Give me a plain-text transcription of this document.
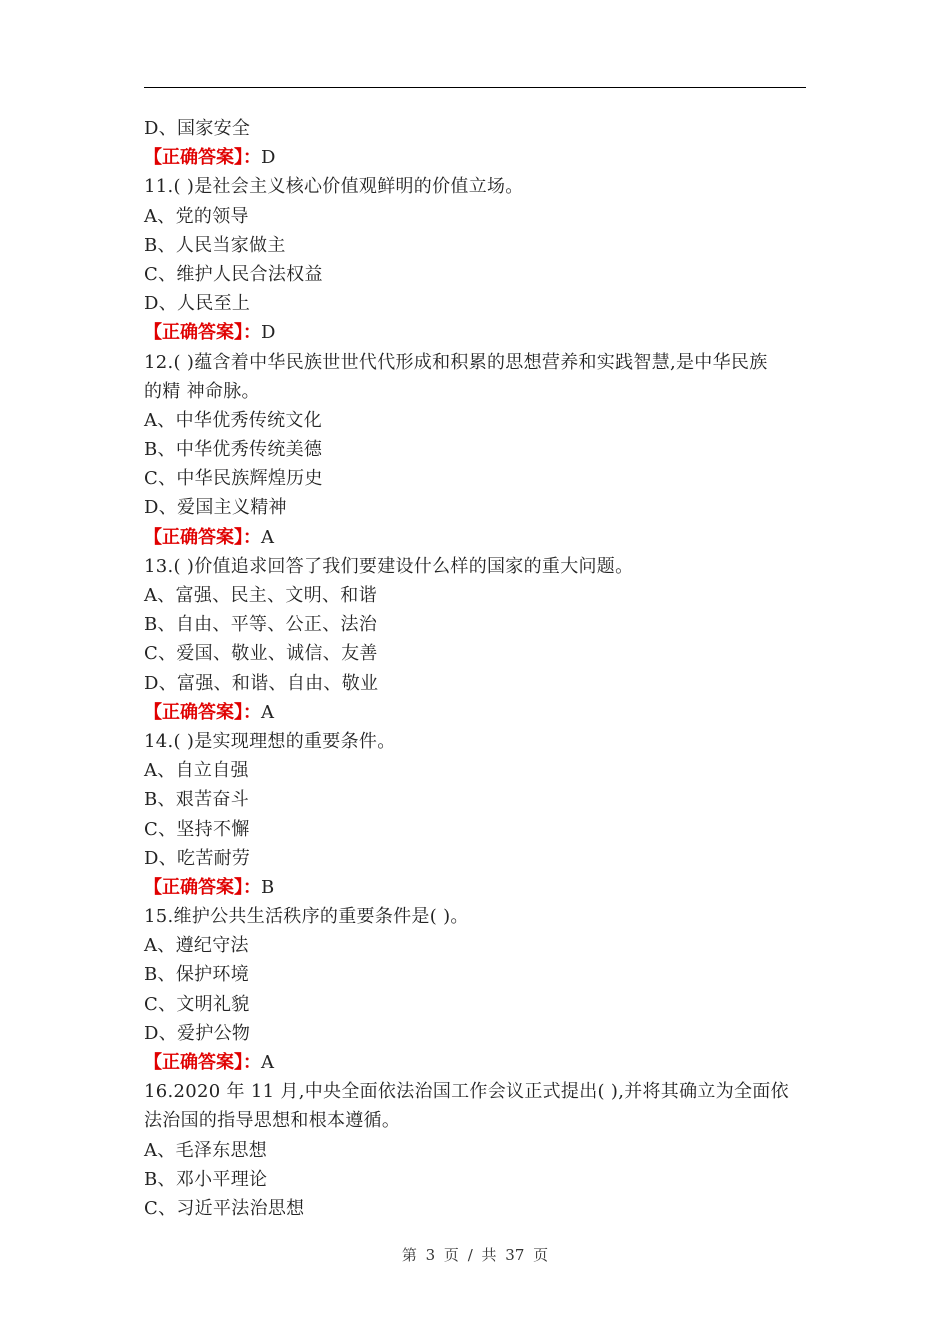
D、国家安全
【正确答案】：D
11.( )是社会主义核心价值观鲜明的价值立场。
A、党的领导
B、人民当家做主
C、维护人民合法权益
D、人民至上
【正确答案】：D
12.( )蕴含着中华民族世世代代形成和积累的思想营养和实践智慧,是中华民族
的精 神命脉。
A、中华优秀传统文化
B、中华优秀传统美德
C、中华民族辉煌历史
D、爱国主义精神
【正确答案】：A
13.( )价值追求回答了我们要建设什么样的国家的重大问题。
A、富强、民主、文明、和谐
B、自由、平等、公正、法治
C、爱国、敬业、诚信、友善
D、富强、和谐、自由、敬业
【正确答案】：A
14.( )是实现理想的重要条件。
A、自立自强
B、艰苦奋斗
C、坚持不懈
D、吃苦耐劳
【正确答案】：B
15.维护公共生活秩序的重要条件是( )。
A、遵纪守法
B、保护环境
C、文明礼貌
D、爱护公物
【正确答案】：A
16.2020 年 11 月,中央全面依法治国工作会议正式提出( ),并将其确立为全面依
法治国的指导思想和根本遵循。
A、毛泽东思想
B、邓小平理论
C、习近平法治思想
第 3 页 / 共 37 页
